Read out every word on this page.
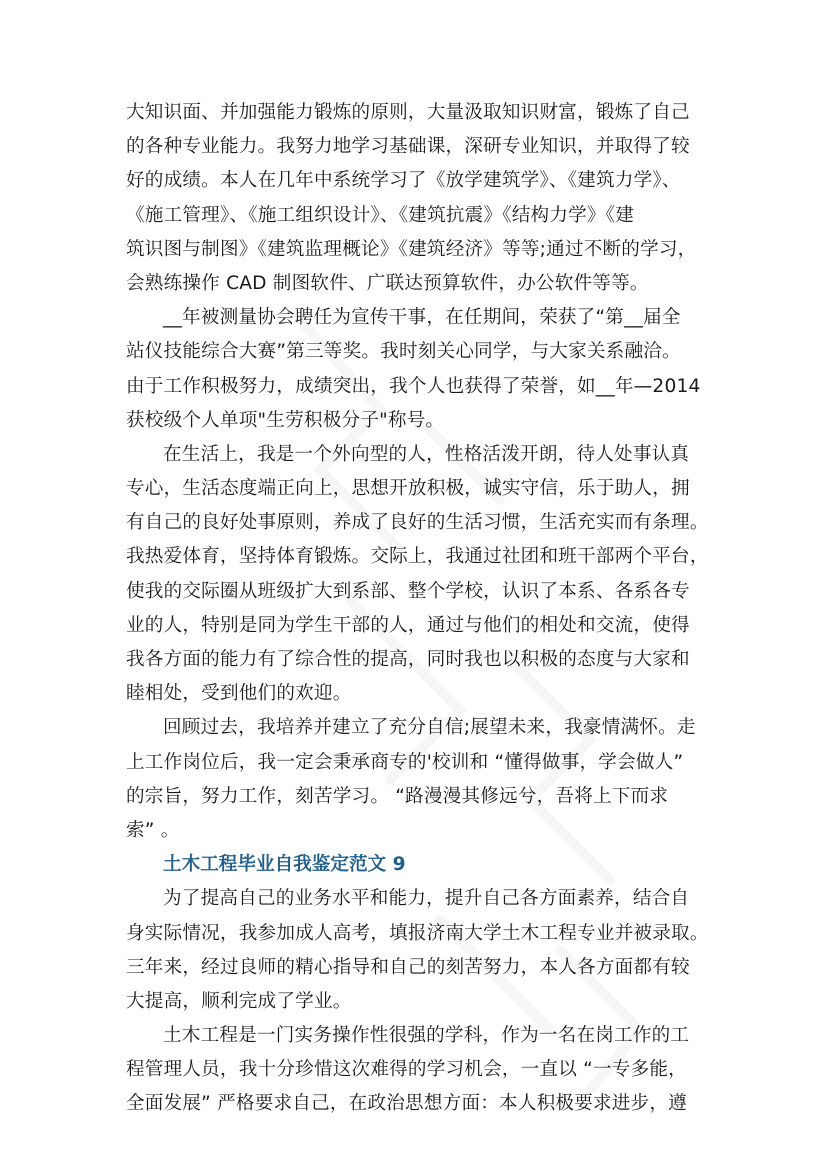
大知识面、并加强能力锻炼的原则，大量汲取知识财富，锻炼了自己
的各种专业能力。我努力地学习基础课，深研专业知识，并取得了较
好的成绩。本人在几年中系统学习了《放学建筑学》、《建筑力学》、
《施工管理》、《施工组织设计》、《建筑抗震》《结构力学》《建
筑识图与制图》《建筑监理概论》《建筑经济》等等;通过不断的学习，
会熟练操作 CAD 制图软件、广联达预算软件，办公软件等等。

__年被测量协会聘任为宣传干事，在任期间，荣获了“第__届全
站仪技能综合大赛”第三等奖。我时刻关心同学，与大家关系融洽。
由于工作积极努力，成绩突出，我个人也获得了荣誉，如__年—2014
获校级个人单项"生劳积极分子"称号。

在生活上，我是一个外向型的人，性格活泼开朗，待人处事认真
专心，生活态度端正向上，思想开放积极，诚实守信，乐于助人，拥
有自己的良好处事原则，养成了良好的生活习惯，生活充实而有条理。
我热爱体育，坚持体育锻炼。交际上，我通过社团和班干部两个平台，
使我的交际圈从班级扩大到系部、整个学校，认识了本系、各系各专
业的人，特别是同为学生干部的人，通过与他们的相处和交流，使得
我各方面的能力有了综合性的提高，同时我也以积极的态度与大家和
睦相处，受到他们的欢迎。

回顾过去，我培养并建立了充分自信;展望未来，我豪情满怀。走
上工作岗位后，我一定会秉承商专的'校训和 “懂得做事，学会做人”
的宗旨，努力工作，刻苦学习。 “路漫漫其修远兮，吾将上下而求
索” 。

土木工程毕业自我鉴定范文 9

为了提高自己的业务水平和能力，提升自己各方面素养，结合自
身实际情况，我参加成人高考，填报济南大学土木工程专业并被录取。
三年来，经过良师的精心指导和自己的刻苦努力，本人各方面都有较
大提高，顺利完成了学业。

土木工程是一门实务操作性很强的学科，作为一名在岗工作的工
程管理人员，我十分珍惜这次难得的学习机会，一直以 “一专多能，
全面发展” 严格要求自己，在政治思想方面：本人积极要求进步，遵
